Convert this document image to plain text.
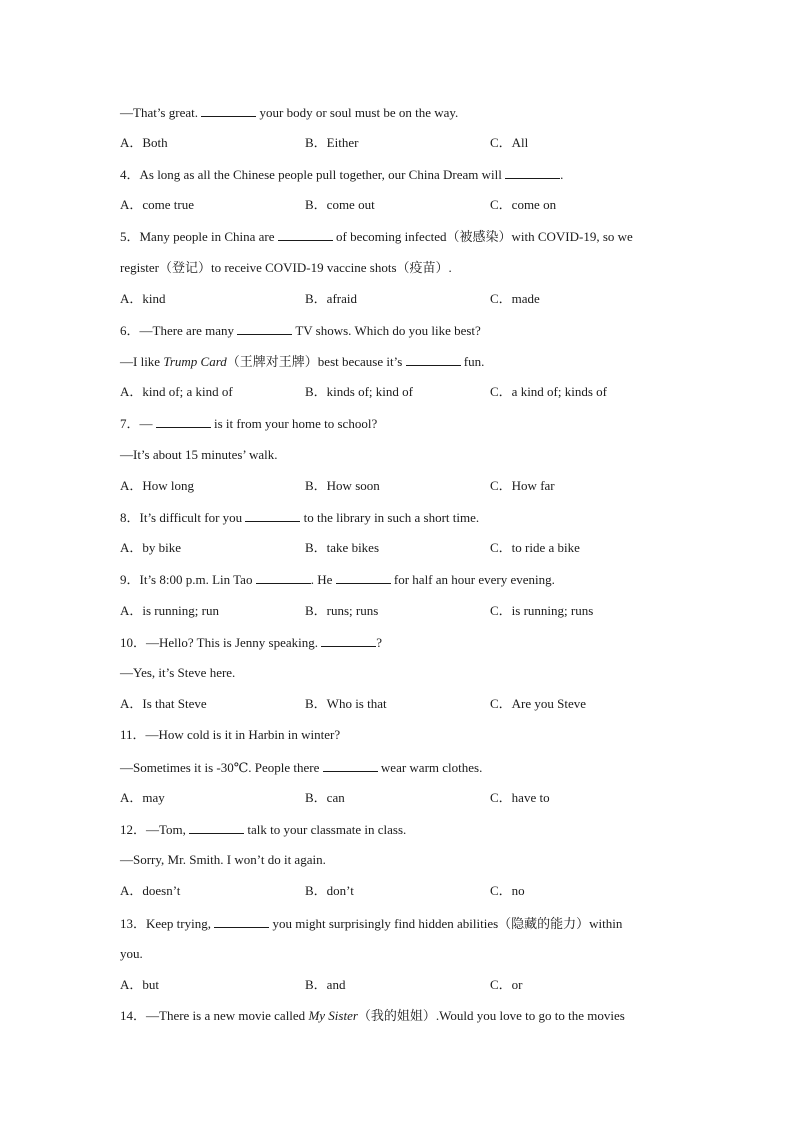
—That’s great.	your body or soul must be on the way.
A．Both	B．Either	C．All
4．As long as all the Chinese people pull together, our China Dream will	.
A．come true	B．come out	C．come on
5．Many people in China are	of becoming infected（被感染）with COVID-19, so we
register（登记）to receive COVID-19 vaccine shots（疫苗）.
A．kind	B．afraid	C．made
6．—There are many	TV shows. Which do you like best?
—I like Trump Card（王牌对王牌）best because it’s	fun.
A．kind of; a kind of	B．kinds of; kind of	C．a kind of; kinds of
7．—	is it from your home to school?
—It’s about 15 minutes’ walk.
A．How long	B．How soon	C．How far
8．It’s difficult for you	to the library in such a short time.
A．by bike	B．take bikes	C．to ride a bike
9．It’s 8:00 p.m. Lin Tao	. He	for half an hour every evening.
A．is running; run	B．runs; runs	C．is running; runs
10．—Hello? This is Jenny speaking.	?
—Yes, it’s Steve here.
A．Is that Steve	B．Who is that	C．Are you Steve
11．—How cold is it in Harbin in winter?
—Sometimes it is -30℃. People there	wear warm clothes.
A．may	B．can	C．have to
12．—Tom,	talk to your classmate in class.
—Sorry, Mr. Smith. I won’t do it again.
A．doesn’t	B．don’t	C．no
13．Keep trying,	you might surprisingly find hidden abilities（隐藏的能力）within
you.
A．but	B．and	C．or
14．—There is a new movie called My Sister（我的姐姐）.Would you love to go to the movies
